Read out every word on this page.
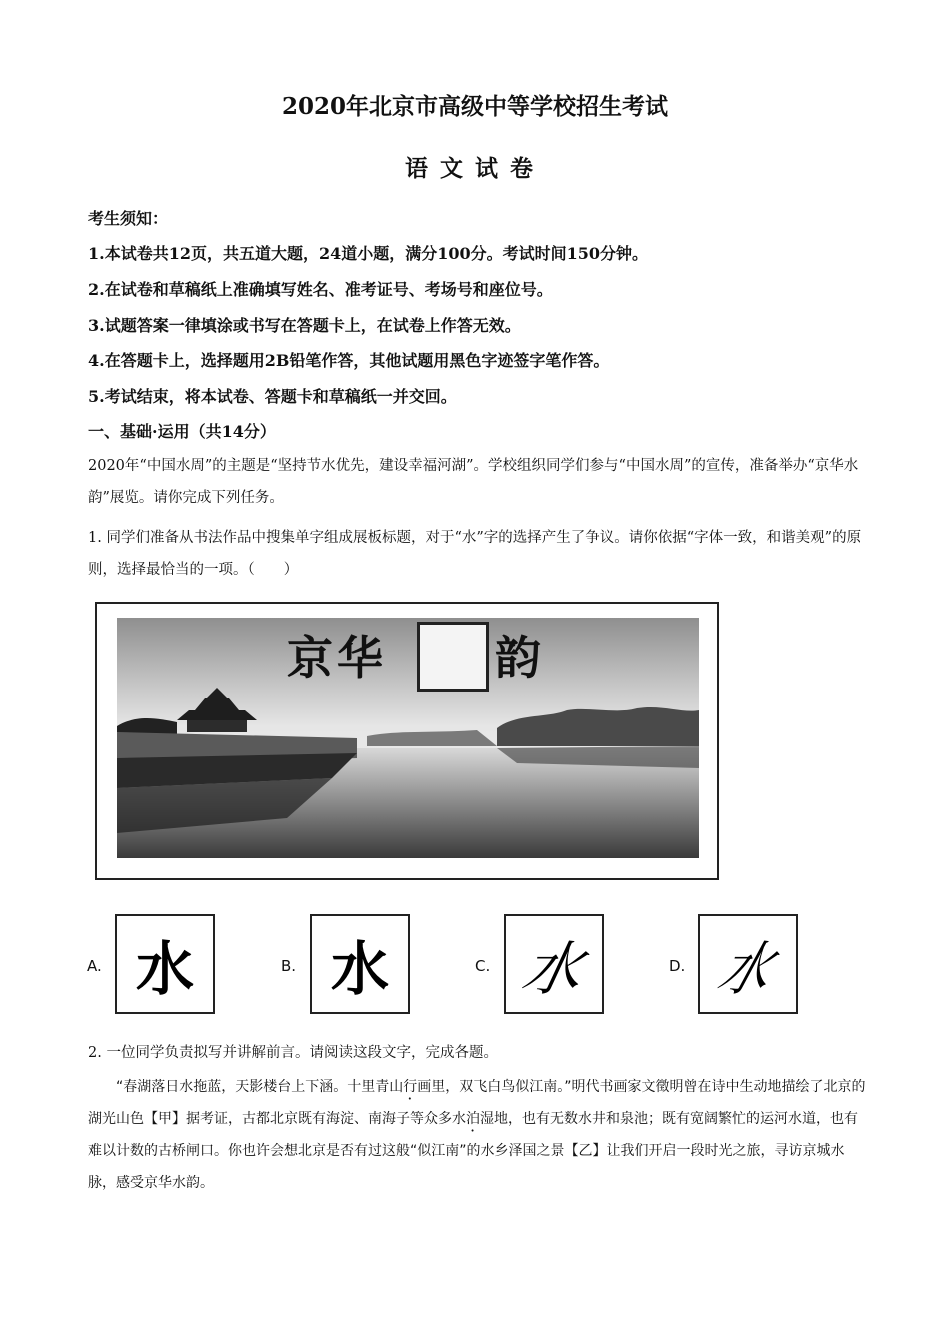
2020年北京市高级中等学校招生考试
语文试卷
考生须知：
1.本试卷共12页，共五道大题，24道小题，满分100分。考试时间150分钟。
2.在试卷和草稿纸上准确填写姓名、准考证号、考场号和座位号。
3.试题答案一律填涂或书写在答题卡上，在试卷上作答无效。
4.在答题卡上，选择题用2B铅笔作答，其他试题用黑色字迹签字笔作答。
5.考试结束，将本试卷、答题卡和草稿纸一并交回。
一、基础·运用（共14分）
2020年“中国水周”的主题是“坚持节水优先，建设幸福河湖”。学校组织同学们参与“中国水周”的宣传，准备举办“京华水韵”展览。请你完成下列任务。
1. 同学们准备从书法作品中搜集单字组成展板标题，对于“水”字的选择产生了争议。请你依据“字体一致，和谐美观”的原则，选择最恰当的一项。（　　）
京华 韵
A. 水	B. 水	C. 水	D. 水
2. 一位同学负责拟写并讲解前言。请阅读这段文字，完成各题。
“春湖落日水拖蓝，天影楼台上下涵。十里青山行画里，双飞白鸟似江南。”明代书画家文徵明曾在诗中生动地描绘了北京的湖光山色【甲】据考证，古都北京既有海淀、南海子等众多水泊湿地，也有无数水井和泉池；既有宽阔繁忙的运河水道，也有难以计数的古桥闸口。你也许会想北京是否有过这般“似江南”的水乡泽国之景【乙】让我们开启一段时光之旅，寻访京城水脉，感受京华水韵。
